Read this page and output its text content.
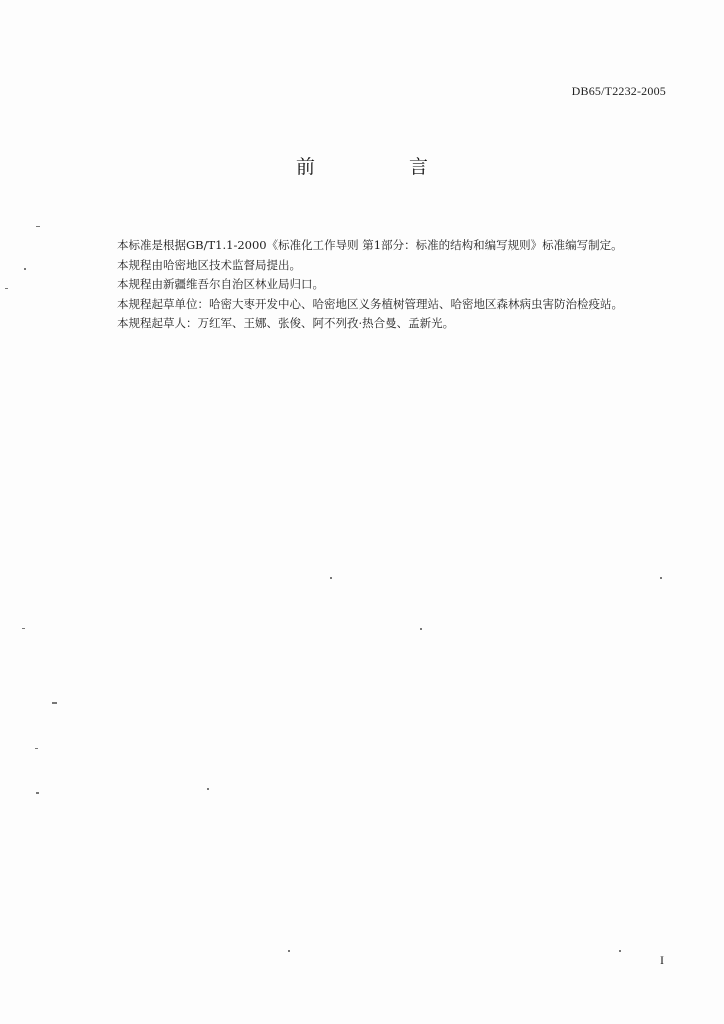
DB65/T2232-2005
前 言

本标准是根据GB/T1.1-2000《标准化工作导则 第1部分：标准的结构和编写规则》标准编写制定。

本规程由哈密地区技术监督局提出。

本规程由新疆维吾尔自治区林业局归口。

本规程起草单位：哈密大枣开发中心、哈密地区义务植树管理站、哈密地区森林病虫害防治检疫站。

本规程起草人：万红军、王娜、张俊、阿不列孜·热合曼、孟新光。

I
